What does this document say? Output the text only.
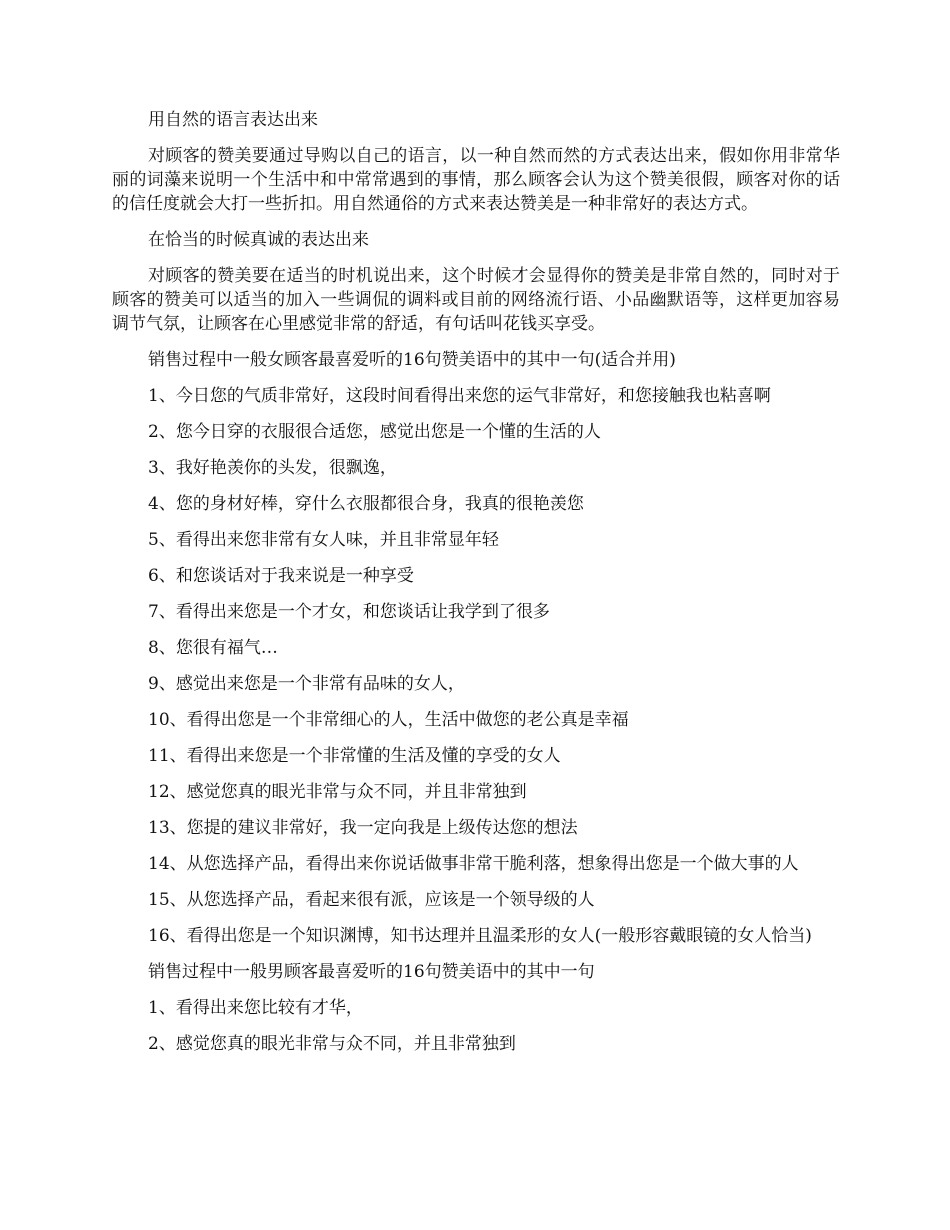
用自然的语言表达出来

对顾客的赞美要通过导购以自己的语言，以一种自然而然的方式表达出来，假如你用非常华丽的词藻来说明一个生活中和中常常遇到的事情，那么顾客会认为这个赞美很假，顾客对你的话的信任度就会大打一些折扣。用自然通俗的方式来表达赞美是一种非常好的表达方式。

在恰当的时候真诚的表达出来

对顾客的赞美要在适当的时机说出来，这个时候才会显得你的赞美是非常自然的，同时对于顾客的赞美可以适当的加入一些调侃的调料或目前的网络流行语、小品幽默语等，这样更加容易调节气氛，让顾客在心里感觉非常的舒适，有句话叫花钱买享受。

销售过程中一般女顾客最喜爱听的16句赞美语中的其中一句(适合并用)

1、今日您的气质非常好，这段时间看得出来您的运气非常好，和您接触我也粘喜啊

2、您今日穿的衣服很合适您，感觉出您是一个懂的生活的人

3、我好艳羡你的头发，很飘逸，

4、您的身材好棒，穿什么衣服都很合身，我真的很艳羡您

5、看得出来您非常有女人味，并且非常显年轻

6、和您谈话对于我来说是一种享受

7、看得出来您是一个才女，和您谈话让我学到了很多

8、您很有福气…

9、感觉出来您是一个非常有品味的女人，

10、看得出您是一个非常细心的人，生活中做您的老公真是幸福

11、看得出来您是一个非常懂的生活及懂的享受的女人

12、感觉您真的眼光非常与众不同，并且非常独到

13、您提的建议非常好，我一定向我是上级传达您的想法

14、从您选择产品，看得出来你说话做事非常干脆利落，想象得出您是一个做大事的人

15、从您选择产品，看起来很有派，应该是一个领导级的人

16、看得出您是一个知识渊博，知书达理并且温柔形的女人(一般形容戴眼镜的女人恰当)

销售过程中一般男顾客最喜爱听的16句赞美语中的其中一句

1、看得出来您比较有才华，

2、感觉您真的眼光非常与众不同，并且非常独到
